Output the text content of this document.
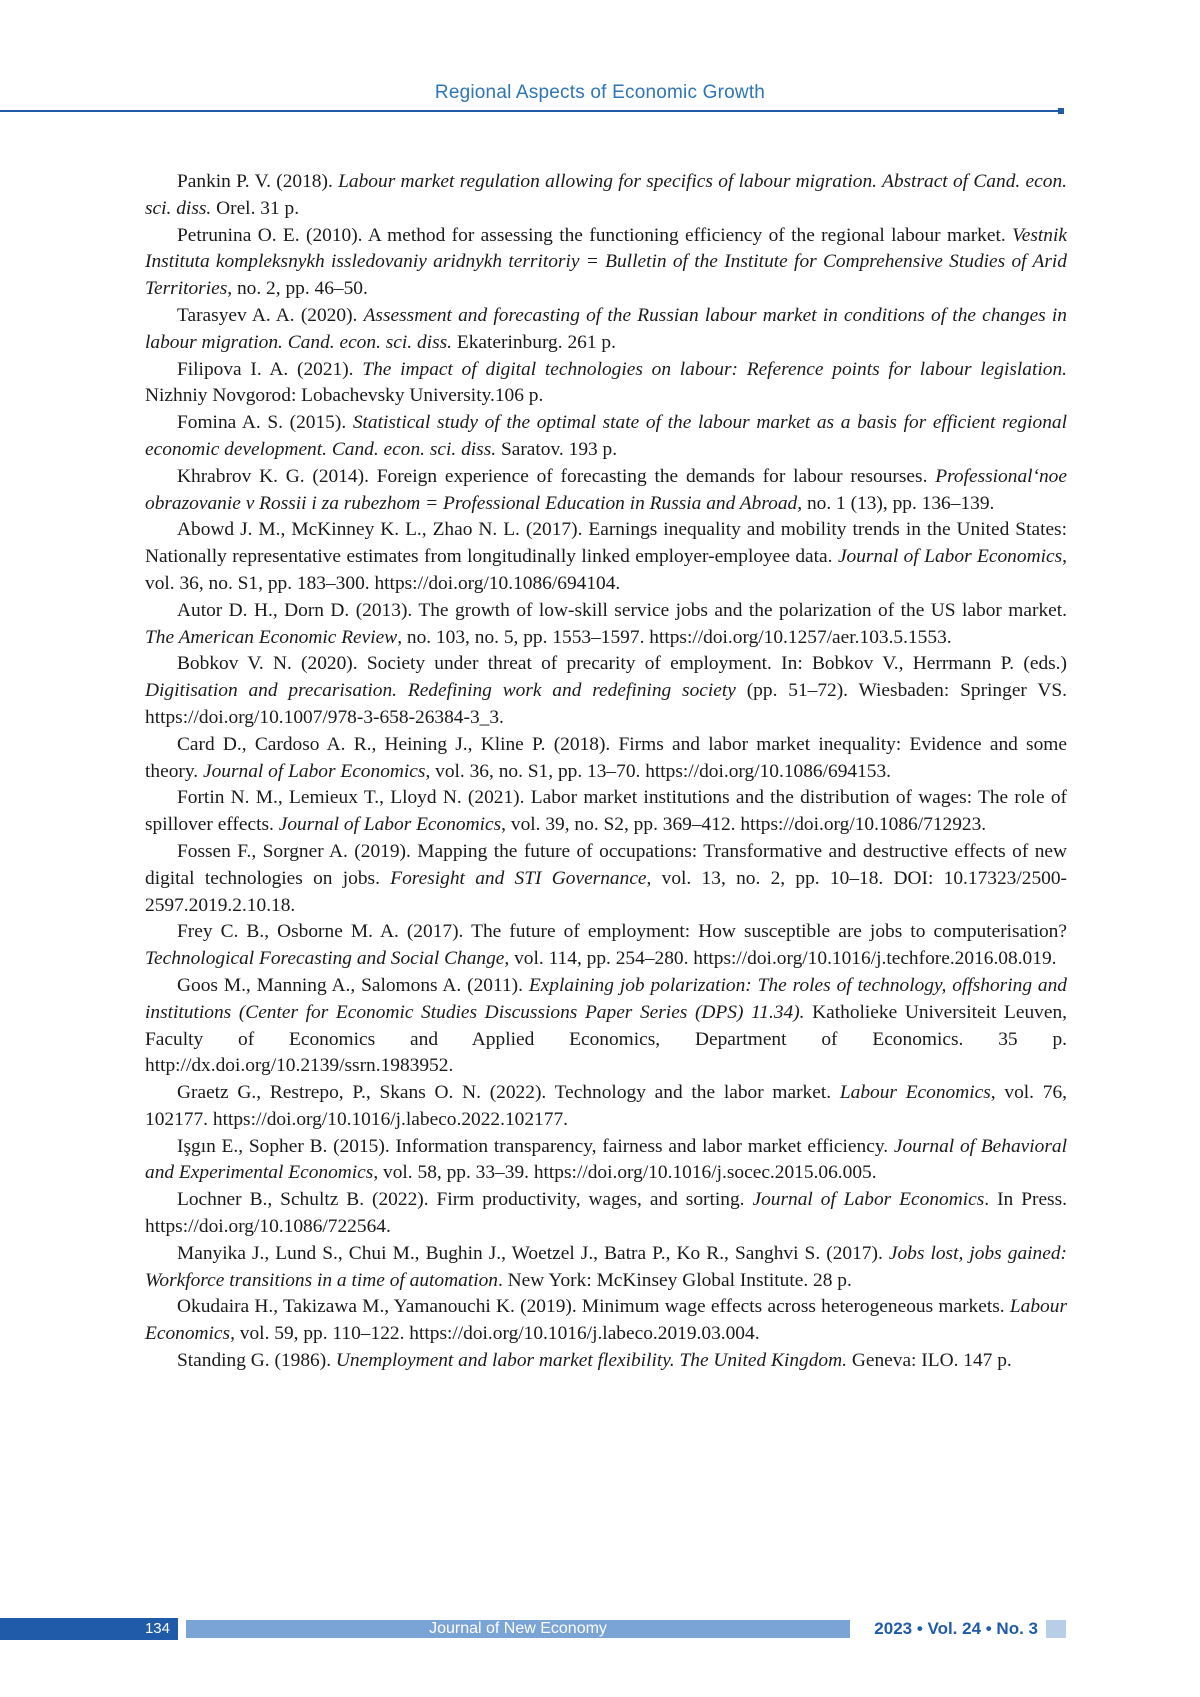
Regional Aspects of Economic Growth

Pankin P. V. (2018). Labour market regulation allowing for specifics of labour migration. Abstract of Cand. econ. sci. diss. Orel. 31 p.

Petrunina O. E. (2010). A method for assessing the functioning efficiency of the regional labour market. Vestnik Instituta kompleksnykh issledovaniy aridnykh territoriy = Bulletin of the Institute for Comprehensive Studies of Arid Territories, no. 2, pp. 46–50.

Tarasyev A. A. (2020). Assessment and forecasting of the Russian labour market in conditions of the changes in labour migration. Cand. econ. sci. diss. Ekaterinburg. 261 p.

Filipova I. A. (2021). The impact of digital technologies on labour: Reference points for labour legislation. Nizhniy Novgorod: Lobachevsky University.106 p.

Fomina A. S. (2015). Statistical study of the optimal state of the labour market as a basis for efficient regional economic development. Cand. econ. sci. diss. Saratov. 193 p.

Khrabrov K. G. (2014). Foreign experience of forecasting the demands for labour resourses. Professional‘noe obrazovanie v Rossii i za rubezhom = Professional Education in Russia and Abroad, no. 1 (13), pp. 136–139.

Abowd J. M., McKinney K. L., Zhao N. L. (2017). Earnings inequality and mobility trends in the United States: Nationally representative estimates from longitudinally linked employer-employee data. Journal of Labor Economics, vol. 36, no. S1, pp. 183–300. https://doi.org/10.1086/694104.

Autor D. H., Dorn D. (2013). The growth of low-skill service jobs and the polarization of the US labor market. The American Economic Review, no. 103, no. 5, pp. 1553–1597. https://doi.org/10.1257/aer.103.5.1553.

Bobkov V. N. (2020). Society under threat of precarity of employment. In: Bobkov V., Herrmann P. (eds.) Digitisation and precarisation. Redefining work and redefining society (pp. 51–72). Wiesbaden: Springer VS. https://doi.org/10.1007/978-3-658-26384-3_3.

Card D., Cardoso A. R., Heining J., Kline P. (2018). Firms and labor market inequality: Evidence and some theory. Journal of Labor Economics, vol. 36, no. S1, pp. 13–70. https://doi.org/10.1086/694153.

Fortin N. M., Lemieux T., Lloyd N. (2021). Labor market institutions and the distribution of wages: The role of spillover effects. Journal of Labor Economics, vol. 39, no. S2, pp. 369–412. https://doi.org/10.1086/712923.

Fossen F., Sorgner A. (2019). Mapping the future of occupations: Transformative and destructive effects of new digital technologies on jobs. Foresight and STI Governance, vol. 13, no. 2, pp. 10–18. DOI: 10.17323/2500-2597.2019.2.10.18.

Frey C. B., Osborne M. A. (2017). The future of employment: How susceptible are jobs to computerisation? Technological Forecasting and Social Change, vol. 114, pp. 254–280. https://doi.org/10.1016/j.techfore.2016.08.019.

Goos M., Manning A., Salomons A. (2011). Explaining job polarization: The roles of technology, offshoring and institutions (Center for Economic Studies Discussions Paper Series (DPS) 11.34). Katholieke Universiteit Leuven, Faculty of Economics and Applied Economics, Department of Economics. 35 p. http://dx.doi.org/10.2139/ssrn.1983952.

Graetz G., Restrepo, P., Skans O. N. (2022). Technology and the labor market. Labour Economics, vol. 76, 102177. https://doi.org/10.1016/j.labeco.2022.102177.

Işgın E., Sopher B. (2015). Information transparency, fairness and labor market efficiency. Journal of Behavioral and Experimental Economics, vol. 58, pp. 33–39. https://doi.org/10.1016/j.socec.2015.06.005.

Lochner B., Schultz B. (2022). Firm productivity, wages, and sorting. Journal of Labor Economics. In Press. https://doi.org/10.1086/722564.

Manyika J., Lund S., Chui M., Bughin J., Woetzel J., Batra P., Ko R., Sanghvi S. (2017). Jobs lost, jobs gained: Workforce transitions in a time of automation. New York: McKinsey Global Institute. 28 p.

Okudaira H., Takizawa M., Yamanouchi K. (2019). Minimum wage effects across heterogeneous markets. Labour Economics, vol. 59, pp. 110–122. https://doi.org/10.1016/j.labeco.2019.03.004.

Standing G. (1986). Unemployment and labor market flexibility. The United Kingdom. Geneva: ILO. 147 p.

134	Journal of New Economy	2023 • Vol. 24 • No. 3
